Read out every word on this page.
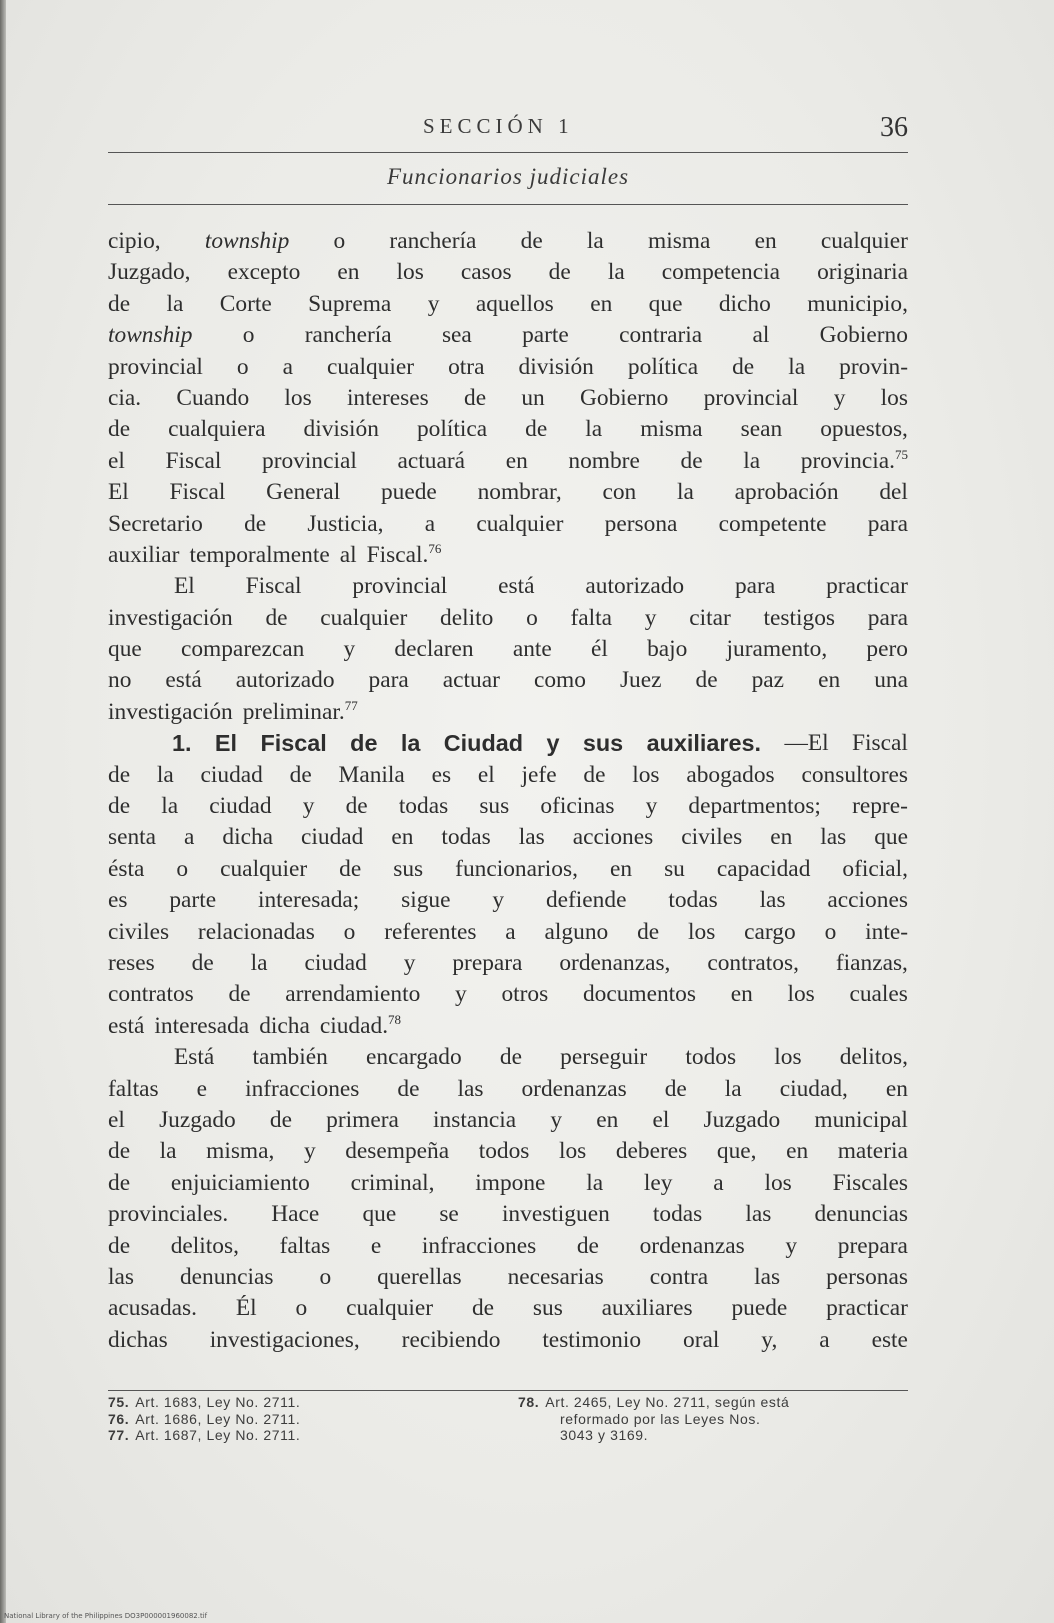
SECCIÓN 1	36
Funcionarios judiciales
cipio, township o ranchería de la misma en cualquier
Juzgado, excepto en los casos de la competencia originaria
de la Corte Suprema y aquellos en que dicho municipio,
township o ranchería sea parte contraria al Gobierno
provincial o a cualquier otra división política de la provin-
cia. Cuando los intereses de un Gobierno provincial y los
de cualquiera división política de la misma sean opuestos,
el Fiscal provincial actuará en nombre de la provincia.$^{75}$
El Fiscal General puede nombrar, con la aprobación del
Secretario de Justicia, a cualquier persona competente para
auxiliar temporalmente al Fiscal.$^{76}$
El Fiscal provincial está autorizado para practicar
investigación de cualquier delito o falta y citar testigos para
que comparezcan y declaren ante él bajo juramento, pero
no está autorizado para actuar como Juez de paz en una
investigación preliminar.$^{77}$
1. El Fiscal de la Ciudad y sus auxiliares. —El Fiscal
de la ciudad de Manila es el jefe de los abogados consultores
de la ciudad y de todas sus oficinas y departmentos; repre-
senta a dicha ciudad en todas las acciones civiles en las que
ésta o cualquier de sus funcionarios, en su capacidad oficial,
es parte interesada; sigue y defiende todas las acciones
civiles relacionadas o referentes a alguno de los cargo o inte-
reses de la ciudad y prepara ordenanzas, contratos, fianzas,
contratos de arrendamiento y otros documentos en los cuales
está interesada dicha ciudad.$^{78}$
Está también encargado de perseguir todos los delitos,
faltas e infracciones de las ordenanzas de la ciudad, en
el Juzgado de primera instancia y en el Juzgado municipal
de la misma, y desempeña todos los deberes que, en materia
de enjuiciamiento criminal, impone la ley a los Fiscales
provinciales. Hace que se investiguen todas las denuncias
de delitos, faltas e infracciones de ordenanzas y prepara
las denuncias o querellas necesarias contra las personas
acusadas. Él o cualquier de sus auxiliares puede practicar
dichas investigaciones, recibiendo testimonio oral y, a este
75. Art. 1683, Ley No. 2711.
76. Art. 1686, Ley No. 2711.
77. Art. 1687, Ley No. 2711.
78. Art. 2465, Ley No. 2711, según está
reformado por las Leyes Nos.
3043 y 3169.
National Library of the Philippines DO3P000001960082.tif
